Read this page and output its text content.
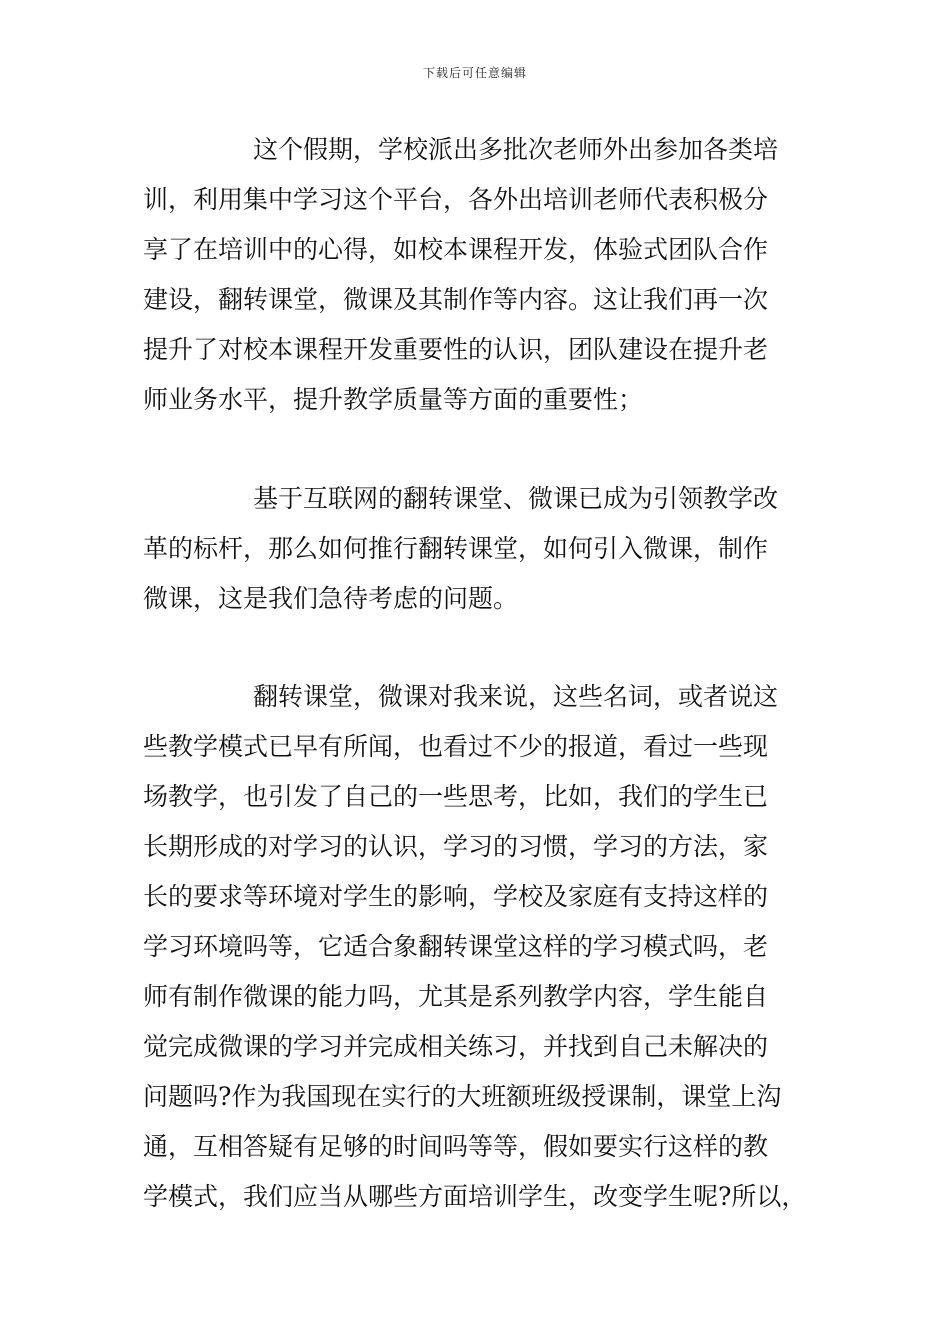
下载后可任意编辑
这个假期，学校派出多批次老师外出参加各类培
训，利用集中学习这个平台，各外出培训老师代表积极分
享了在培训中的心得，如校本课程开发，体验式团队合作
建设，翻转课堂，微课及其制作等内容。这让我们再一次
提升了对校本课程开发重要性的认识，团队建设在提升老
师业务水平，提升教学质量等方面的重要性；
基于互联网的翻转课堂、微课已成为引领教学改
革的标杆，那么如何推行翻转课堂，如何引入微课，制作
微课，这是我们急待考虑的问题。
翻转课堂，微课对我来说，这些名词，或者说这
些教学模式已早有所闻，也看过不少的报道，看过一些现
场教学，也引发了自己的一些思考，比如，我们的学生已
长期形成的对学习的认识，学习的习惯，学习的方法，家
长的要求等环境对学生的影响，学校及家庭有支持这样的
学习环境吗等，它适合象翻转课堂这样的学习模式吗，老
师有制作微课的能力吗，尤其是系列教学内容，学生能自
觉完成微课的学习并完成相关练习，并找到自己未解决的
问题吗?作为我国现在实行的大班额班级授课制，课堂上沟
通，互相答疑有足够的时间吗等等，假如要实行这样的教
学模式，我们应当从哪些方面培训学生，改变学生呢?所以，
